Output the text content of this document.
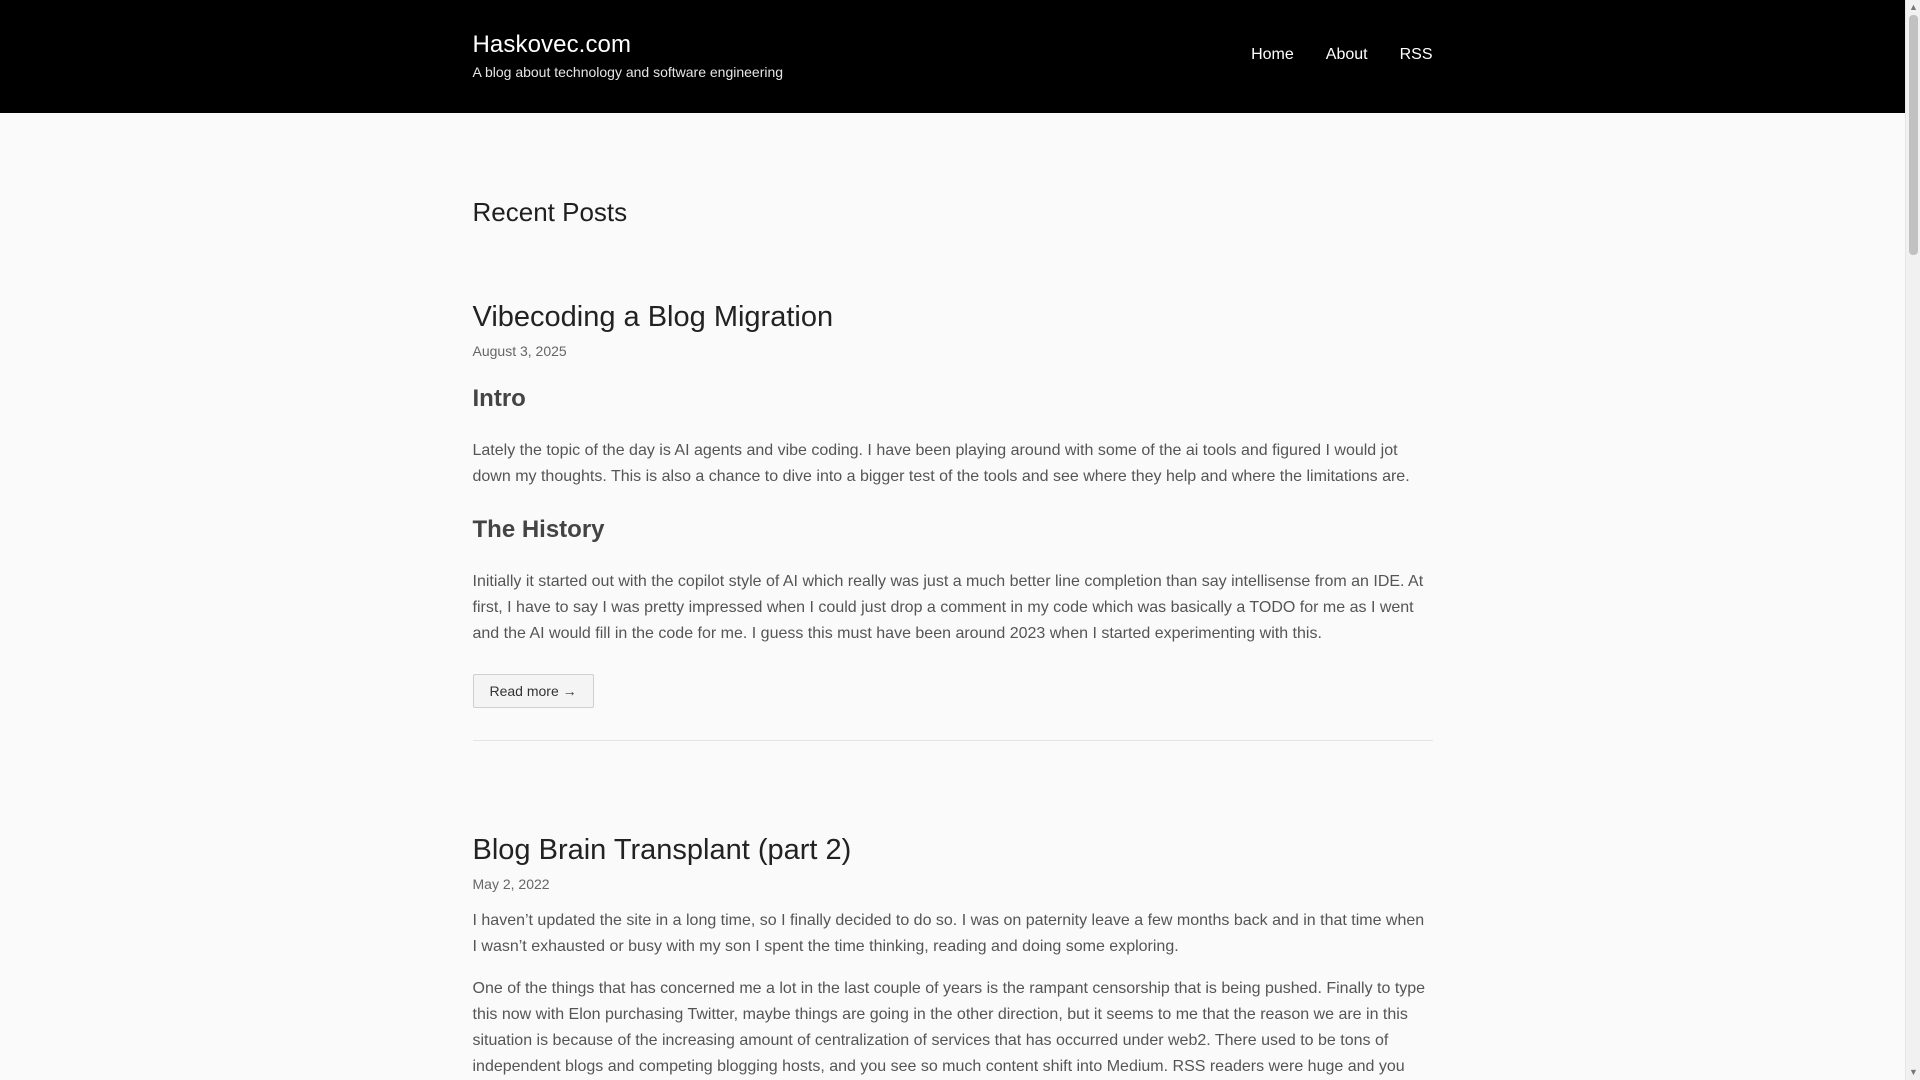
Haskovec.com
A blog about technology and software engineering
Home About RSS
Recent Posts
Vibecoding a Blog Migration
August 3, 2025
Intro

Lately the topic of the day is AI agents and vibe coding. I have been playing around with some of the ai tools and figured I would jot down my thoughts. This is also a chance to dive into a bigger test of the tools and see where they help and where the limitations are.

The History

Initially it started out with the copilot style of AI which really was just a much better line completion than say intellisense from an IDE. At first, I have to say I was pretty impressed when I could just drop a comment in my code which was basically a TODO for me as I went and the AI would fill in the code for me. I guess this must have been around 2023 when I started experimenting with this.

Read more →
Blog Brain Transplant (part 2)
May 2, 2022

I haven’t updated the site in a long time, so I finally decided to do so. I was on paternity leave a few months back and in that time when I wasn’t exhausted or busy with my son I spent the time thinking, reading and doing some exploring.

One of the things that has concerned me a lot in the last couple of years is the rampant censorship that is being pushed. Finally to type this now with Elon purchasing Twitter, maybe things are going in the other direction, but it seems to me that the reason we are in this situation is because of the increasing amount of centralization of services that has occurred under web2. There used to be tons of independent blogs and competing blogging hosts, and you see so much content shift into Medium. RSS readers were huge and you

▲
▼
